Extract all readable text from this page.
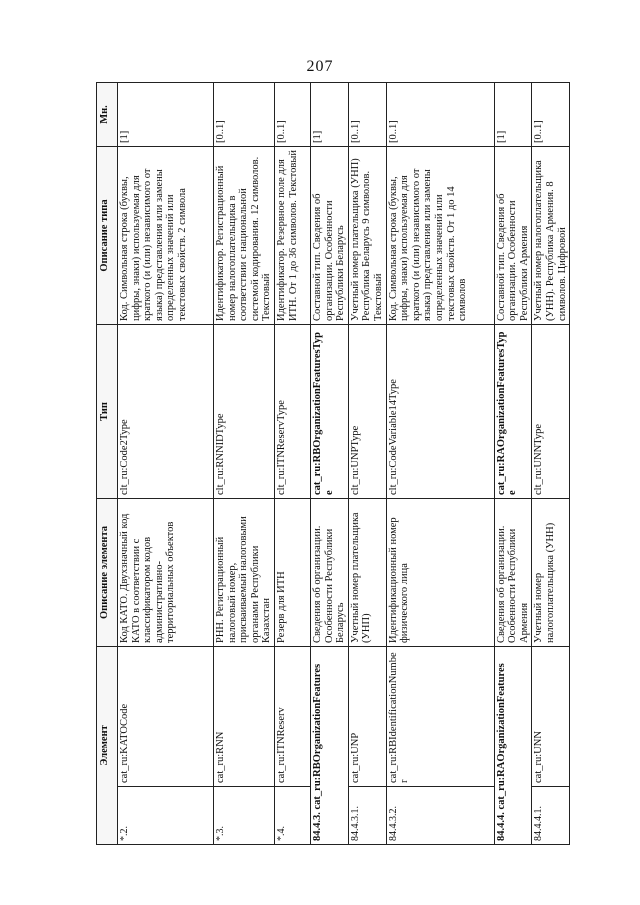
207
Элемент		Описание элемента	Тип	Описание типа	Мн.
*.2.	cat_ru:KATOCode	Код КАТО. Двухзначный код КАТО в соответствии с классификатором кодов административно-территориальных объектов	clt_ru:Code2Type	Код. Символьная строка (буквы, цифры, знаки) используемая для краткого (и (или) независимого от языка) представления или замены определенных значений или текстовых свойств. 2 символа	[1]
*.3.	cat_ru:RNN	РНН. Регистрационный налоговый номер, присваиваемый налоговыми органами Республики Казахстан	clt_ru:RNNIDType	Идентификатор. Регистрационный номер налогоплательщика в соответствии с национальной системой кодирования. 12 символов. Текстовый	[0..1]
*.4.	cat_ru:ITNReserv	Резерв для ИТН	clt_ru:ITNReservType	Идентификатор. Резервное поле для ИТН. От 1 до 36 символов. Текстовый	[0..1]
84.4.3. cat_ru:RBOrganizationFeatures		Сведения об организации. Особенности Республики Беларусь	cat_ru:RBOrganizationFeaturesType	Составной тип. Сведения об организации. Особенности Республики Беларусь	[1]
84.4.3.1.	cat_ru:UNP	Учетный номер плательщика (УНП)	clt_ru:UNPType	Учетный номер плательщика (УНП) Республика Беларусь 9 символов. Текстовый	[0..1]
84.4.3.2.	cat_ru:RBIdentificationNumber	Идентификационный номер физического лица	clt_ru:CodeVariable14Type	Код. Символьная строка (буквы, цифры, знаки) используемая для краткого (и (или) независимого от языка) представления или замены определенных значений или текстовых свойств. От 1 до 14 символов	[0..1]
84.4.4. cat_ru:RAOrganizationFeatures		Сведения об организации. Особенности Республики Армения	cat_ru:RAOrganizationFeaturesType	Составной тип. Сведения об организации. Особенности Республики Армения	[1]
84.4.4.1.	cat_ru:UNN	Учетный номер налогоплательщика (УНН)	clt_ru:UNNType	Учетный номер налогоплательщика (УНН). Республика Армения. 8 символов. Цифровой	[0..1]
